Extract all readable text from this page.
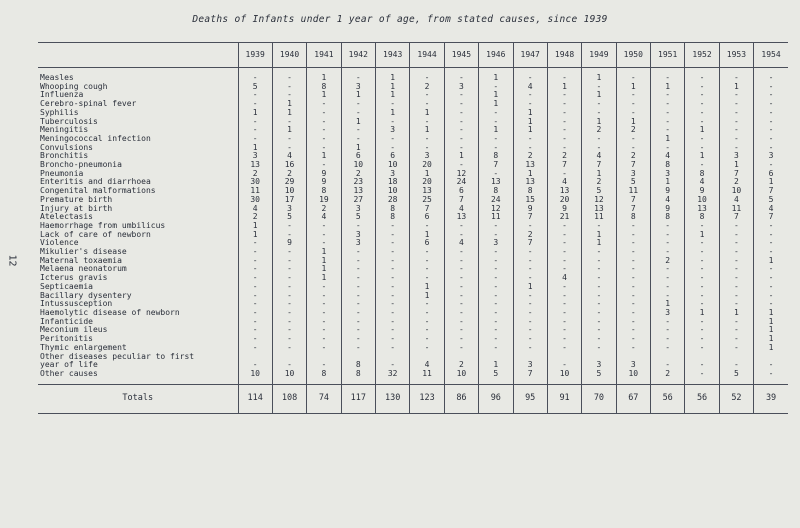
Deaths of Infants under 1 year of age, from stated causes, since 1939
12
	1939	1940	1941	1942	1943	1944	1945	1946	1947	1948	1949	1950	1951	1952	1953	1954

Measles	-	-	1	-	1	-	-	1	-	-	1	-	-	-	-	-
Whooping cough	5	-	8	3	1	2	3	-	4	1	-	1	1	-	1	-
Influenza	-	-	1	1	1	-	-	1	-	-	1	-	-	-	-	-
Cerebro-spinal fever	-	1	-	-	-	-	-	1	-	-	-	-	-	-	-	-
Syphilis	1	1	-	-	1	1	-	-	1	-	-	-	-	-	-	-
Tuberculosis	-	-	-	1	-	-	-	-	1	-	1	1	-	-	-	-
Meningitis	-	1	-	-	3	1	-	1	1	-	2	2	-	1	-	-
Meningococcal infection	-	-	-	-	-	-	-	-	-	-	-	-	1	-	-	-
Convulsions	1	-	-	1	-	-	-	-	-	-	-	-	-	-	-	-
Bronchitis	3	4	1	6	6	3	1	8	2	2	4	2	4	1	3	3
Broncho-pneumonia	13	16	-	10	10	20	-	7	13	7	7	7	8	-	1	-
Pneumonia	2	2	9	2	3	1	12	-	1	-	1	3	3	8	7	6
Enteritis and diarrhoea	30	29	9	23	18	20	24	13	13	4	2	5	1	4	2	1
Congenital malformations	11	10	8	13	10	13	6	8	8	13	5	11	9	9	10	7
Premature birth	30	17	19	27	28	25	7	24	15	20	12	7	4	10	4	5
Injury at birth	4	3	2	3	8	7	4	12	9	9	13	7	9	13	11	4
Atelectasis	2	5	4	5	8	6	13	11	7	21	11	8	8	8	7	7
Haemorrhage from umbilicus	1	-	-	-	-	-	-	-	-	-	-	-	-	-	-	-
Lack of care of newborn	1	-	-	3	-	1	-	-	2	-	1	-	-	1	-	-
Violence	-	9	-	3	-	6	4	3	7	-	1	-	-	-	-	-
Mikulier's disease	-	-	1	-	-	-	-	-	-	-	-	-	-	-	-	-
Maternal toxaemia	-	-	1	-	-	-	-	-	-	-	-	-	2	-	-	1
Melaena neonatorum	-	-	1	-	-	-	-	-	-	-	-	-	-	-	-	-
Icterus gravis	-	-	1	-	-	-	-	-	-	4	-	-	-	-	-	-
Septicaemia	-	-	-	-	-	1	-	-	1	-	-	-	-	-	-	-
Bacillary dysentery	-	-	-	-	-	1	-	-	-	-	-	-	-	-	-	-
Intussusception	-	-	-	-	-	-	-	-	-	-	-	-	1	-	-	-
Haemolytic disease of newborn	-	-	-	-	-	-	-	-	-	-	-	-	3	1	1	1
Infanticide	-	-	-	-	-	-	-	-	-	-	-	-	-	-	-	1
Meconium ileus	-	-	-	-	-	-	-	-	-	-	-	-	-	-	-	1
Peritonitis	-	-	-	-	-	-	-	-	-	-	-	-	-	-	-	1
Thymic enlargement	-	-	-	-	-	-	-	-	-	-	-	-	-	-	-	1
Other diseases peculiar to first																
year of life	-	-	-	8	-	4	2	1	3	-	3	3	-	-	-	-
Other causes	10	10	8	8	32	11	10	5	7	10	5	10	2	-	5	-

Totals	114	108	74	117	130	123	86	96	95	91	70	67	56	56	52	39
